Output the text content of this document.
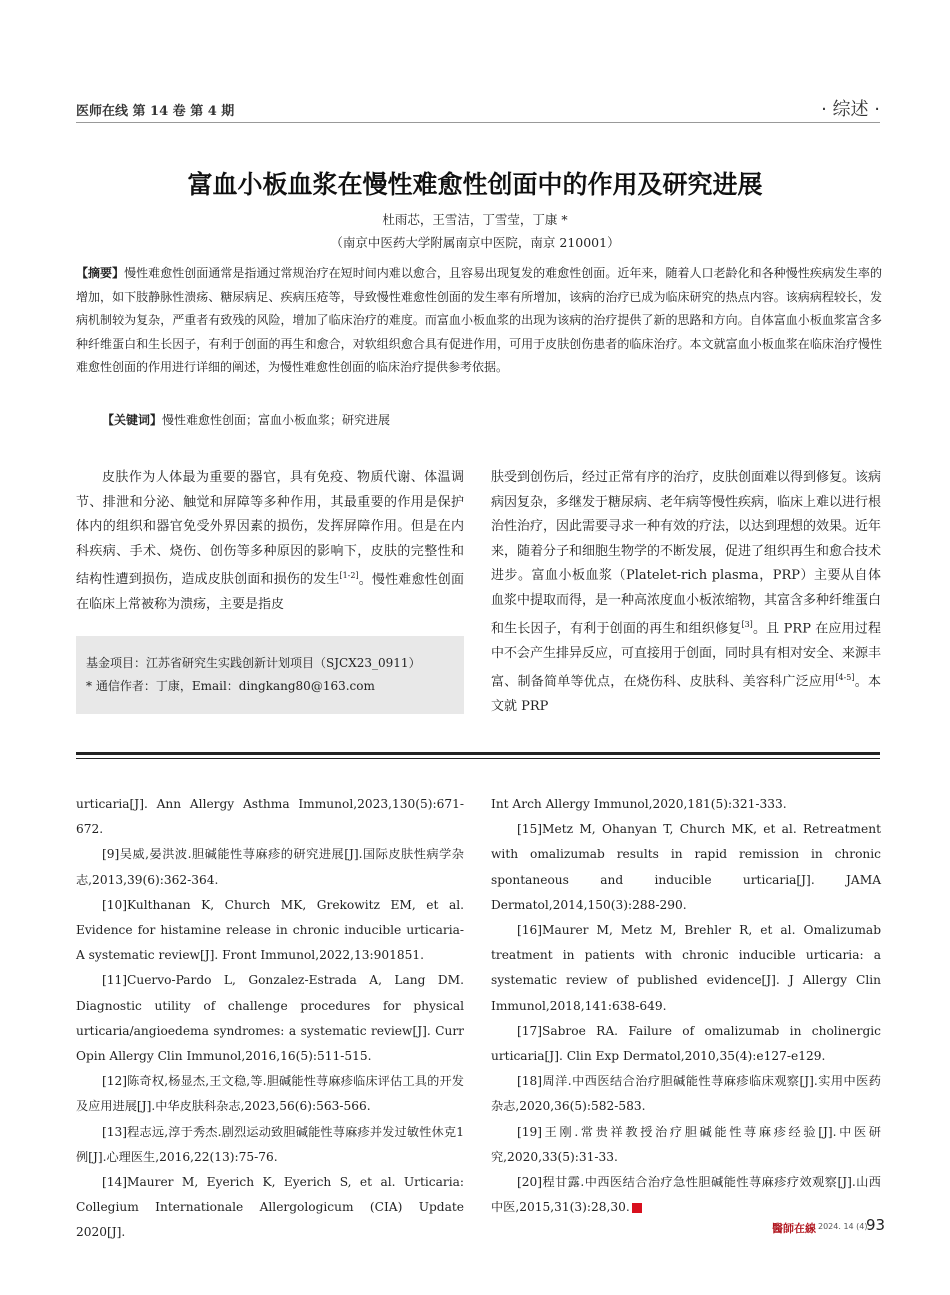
医师在线 第 14 卷 第 4 期	· 综述 ·
富血小板血浆在慢性难愈性创面中的作用及研究进展
杜雨芯，王雪洁，丁雪莹，丁康 *
（南京中医药大学附属南京中医院，南京 210001）
【摘要】慢性难愈性创面通常是指通过常规治疗在短时间内难以愈合，且容易出现复发的难愈性创面。近年来，随着人口老龄化和各种慢性疾病发生率的增加，如下肢静脉性溃疡、糖尿病足、疾病压疮等，导致慢性难愈性创面的发生率有所增加，该病的治疗已成为临床研究的热点内容。该病病程较长，发病机制较为复杂，严重者有致残的风险，增加了临床治疗的难度。而富血小板血浆的出现为该病的治疗提供了新的思路和方向。自体富血小板血浆富含多种纤维蛋白和生长因子，有利于创面的再生和愈合，对软组织愈合具有促进作用，可用于皮肤创伤患者的临床治疗。本文就富血小板血浆在临床治疗慢性难愈性创面的作用进行详细的阐述，为慢性难愈性创面的临床治疗提供参考依据。
【关键词】慢性难愈性创面；富血小板血浆；研究进展
皮肤作为人体最为重要的器官，具有免疫、物质代谢、体温调节、排泄和分泌、触觉和屏障等多种作用，其最重要的作用是保护体内的组织和器官免受外界因素的损伤，发挥屏障作用。但是在内科疾病、手术、烧伤、创伤等多种原因的影响下，皮肤的完整性和结构性遭到损伤，造成皮肤创面和损伤的发生[1-2]。慢性难愈性创面在临床上常被称为溃疡，主要是指皮
肤受到创伤后，经过正常有序的治疗，皮肤创面难以得到修复。该病病因复杂，多继发于糖尿病、老年病等慢性疾病，临床上难以进行根治性治疗，因此需要寻求一种有效的疗法，以达到理想的效果。近年来，随着分子和细胞生物学的不断发展，促进了组织再生和愈合技术进步。富血小板血浆（Platelet-rich plasma，PRP）主要从自体血浆中提取而得，是一种高浓度血小板浓缩物，其富含多种纤维蛋白和生长因子，有利于创面的再生和组织修复[3]。且 PRP 在应用过程中不会产生排异反应，可直接用于创面，同时具有相对安全、来源丰富、制备简单等优点，在烧伤科、皮肤科、美容科广泛应用[4-5]。本文就 PRP
基金项目：江苏省研究生实践创新计划项目（SJCX23_0911）
* 通信作者：丁康，Email：dingkang80@163.com

urticaria[J]. Ann Allergy Asthma Immunol,2023,130(5):671-672.

[9]吴威,晏洪波.胆碱能性荨麻疹的研究进展[J].国际皮肤性病学杂志,2013,39(6):362-364.

[10]Kulthanan K, Church MK, Grekowitz EM, et al. Evidence for histamine release in chronic inducible urticaria-A systematic review[J]. Front Immunol,2022,13:901851.

[11]Cuervo-Pardo L, Gonzalez-Estrada A, Lang DM. Diagnostic utility of challenge procedures for physical urticaria/angioedema syndromes: a systematic review[J]. Curr Opin Allergy Clin Immunol,2016,16(5):511-515.

[12]陈奇权,杨显杰,王文稳,等.胆碱能性荨麻疹临床评估工具的开发及应用进展[J].中华皮肤科杂志,2023,56(6):563-566.

[13]程志远,淳于秀杰.剧烈运动致胆碱能性荨麻疹并发过敏性休克1例[J].心理医生,2016,22(13):75-76.

[14]Maurer M, Eyerich K, Eyerich S, et al. Urticaria: Collegium Internationale Allergologicum (CIA) Update 2020[J].

Int Arch Allergy Immunol,2020,181(5):321-333.

[15]Metz M, Ohanyan T, Church MK, et al. Retreatment with omalizumab results in rapid remission in chronic spontaneous and inducible urticaria[J]. JAMA Dermatol,2014,150(3):288-290.

[16]Maurer M, Metz M, Brehler R, et al. Omalizumab treatment in patients with chronic inducible urticaria: a systematic review of published evidence[J]. J Allergy Clin Immunol,2018,141:638-649.

[17]Sabroe RA. Failure of omalizumab in cholinergic urticaria[J]. Clin Exp Dermatol,2010,35(4):e127-e129.

[18]周洋.中西医结合治疗胆碱能性荨麻疹临床观察[J].实用中医药杂志,2020,36(5):582-583.

[19]王刚.常贵祥教授治疗胆碱能性荨麻疹经验[J].中医研究,2020,33(5):31-33.

[20]程甘露.中西医结合治疗急性胆碱能性荨麻疹疗效观察[J].山西中医,2015,31(3):28,30.

醫師在線 2024. 14 (4)
93
